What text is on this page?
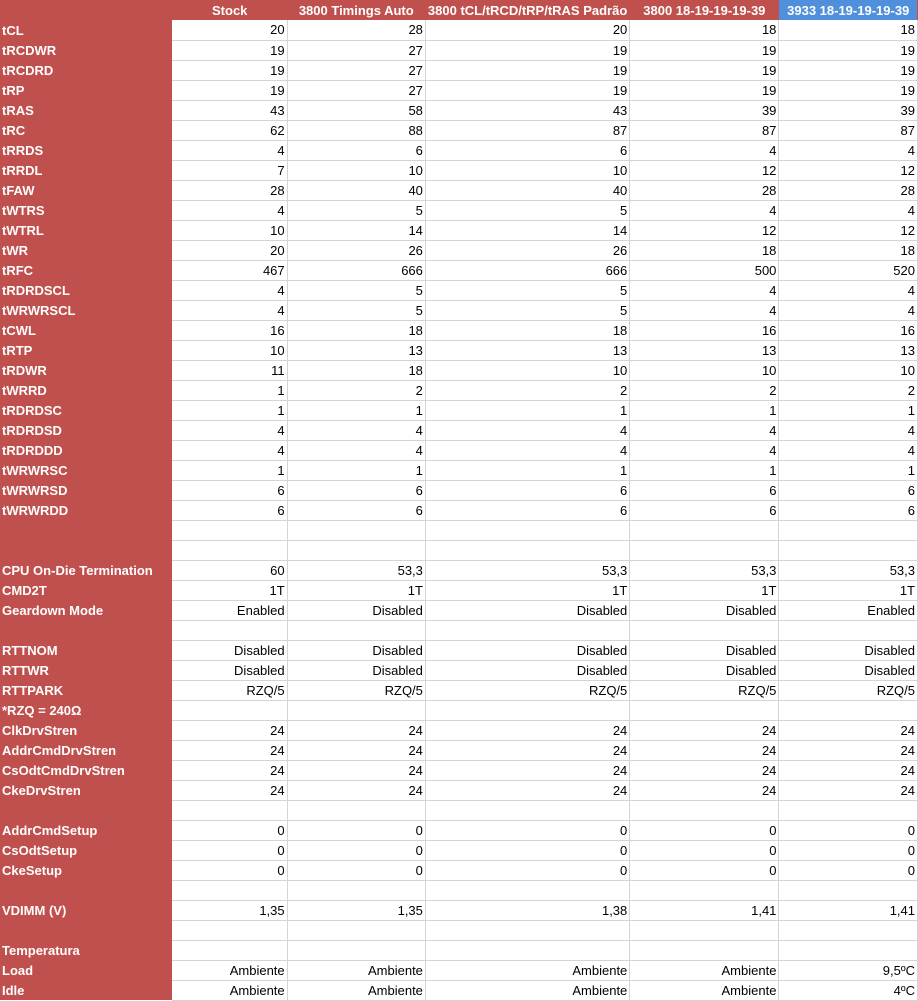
	Stock	3800 Timings Auto	3800 tCL/tRCD/tRP/tRAS Padrão	3800 18-19-19-19-39	3933 18-19-19-19-39
tCL	20	28	20	18	18
tRCDWR	19	27	19	19	19
tRCDRD	19	27	19	19	19
tRP	19	27	19	19	19
tRAS	43	58	43	39	39
tRC	62	88	87	87	87
tRRDS	4	6	6	4	4
tRRDL	7	10	10	12	12
tFAW	28	40	40	28	28
tWTRS	4	5	5	4	4
tWTRL	10	14	14	12	12
tWR	20	26	26	18	18
tRFC	467	666	666	500	520
tRDRDSCL	4	5	5	4	4
tWRWRSCL	4	5	5	4	4
tCWL	16	18	18	16	16
tRTP	10	13	13	13	13
tRDWR	11	18	10	10	10
tWRRD	1	2	2	2	2
tRDRDSC	1	1	1	1	1
tRDRDSD	4	4	4	4	4
tRDRDDD	4	4	4	4	4
tWRWRSC	1	1	1	1	1
tWRWRSD	6	6	6	6	6
tWRWRDD	6	6	6	6	6

CPU On-Die Termination	60	53,3	53,3	53,3	53,3
CMD2T	1T	1T	1T	1T	1T
Geardown Mode	Enabled	Disabled	Disabled	Disabled	Enabled

RTTNOM	Disabled	Disabled	Disabled	Disabled	Disabled
RTTWR	Disabled	Disabled	Disabled	Disabled	Disabled
RTTPARK	RZQ/5	RZQ/5	RZQ/5	RZQ/5	RZQ/5
*RZQ = 240Ω					
ClkDrvStren	24	24	24	24	24
AddrCmdDrvStren	24	24	24	24	24
CsOdtCmdDrvStren	24	24	24	24	24
CkeDrvStren	24	24	24	24	24

AddrCmdSetup	0	0	0	0	0
CsOdtSetup	0	0	0	0	0
CkeSetup	0	0	0	0	0

VDIMM (V)	1,35	1,35	1,38	1,41	1,41

Temperatura					
Load	Ambiente	Ambiente	Ambiente	Ambiente	9,5ºC
Idle	Ambiente	Ambiente	Ambiente	Ambiente	4ºC
